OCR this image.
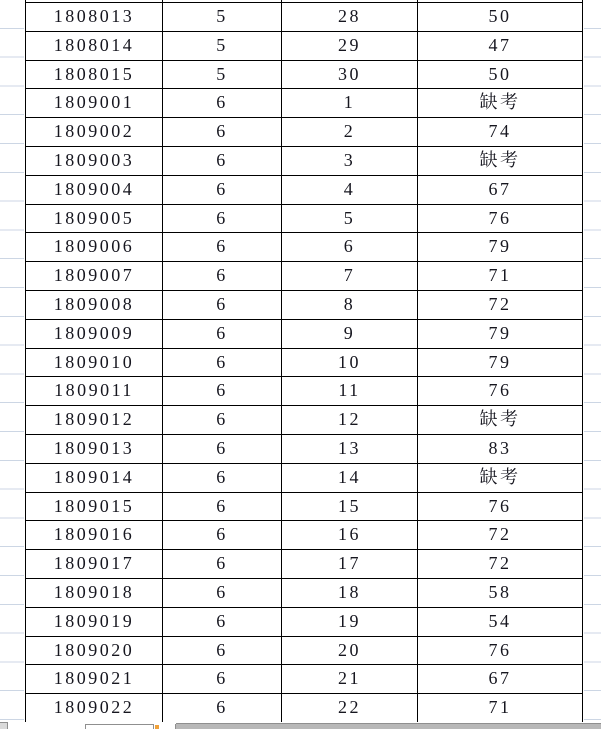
1808013	5	28	50
1808014	5	29	47
1808015	5	30	50
1809001	6	1	缺考
1809002	6	2	74
1809003	6	3	缺考
1809004	6	4	67
1809005	6	5	76
1809006	6	6	79
1809007	6	7	71
1809008	6	8	72
1809009	6	9	79
1809010	6	10	79
1809011	6	11	76
1809012	6	12	缺考
1809013	6	13	83
1809014	6	14	缺考
1809015	6	15	76
1809016	6	16	72
1809017	6	17	72
1809018	6	18	58
1809019	6	19	54
1809020	6	20	76
1809021	6	21	67
1809022	6	22	71
